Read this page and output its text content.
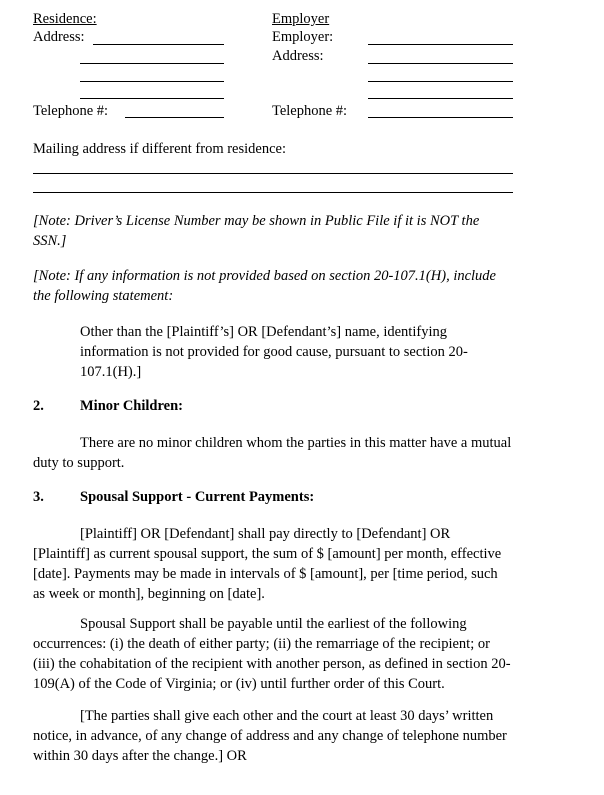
Residence:
Address:
Telephone #:
Employer
Employer:
Address:
Telephone #:
Mailing address if different from residence:
[Note: Driver’s License Number may be shown in Public File if it is NOT the
SSN.]
[Note: If any information is not provided based on section 20-107.1(H), include
the following statement:
Other than the [Plaintiff’s] OR [Defendant’s] name, identifying
information is not provided for good cause, pursuant to section 20-
107.1(H).]
2. Minor Children:
There are no minor children whom the parties in this matter have a mutual
duty to support.
3. Spousal Support - Current Payments:
[Plaintiff] OR [Defendant] shall pay directly to [Defendant] OR
[Plaintiff] as current spousal support, the sum of $ [amount] per month, effective
[date]. Payments may be made in intervals of $ [amount], per [time period, such
as week or month], beginning on [date].
Spousal Support shall be payable until the earliest of the following
occurrences: (i) the death of either party; (ii) the remarriage of the recipient; or
(iii) the cohabitation of the recipient with another person, as defined in section 20-
109(A) of the Code of Virginia; or (iv) until further order of this Court.
[The parties shall give each other and the court at least 30 days’ written
notice, in advance, of any change of address and any change of telephone number
within 30 days after the change.] OR
